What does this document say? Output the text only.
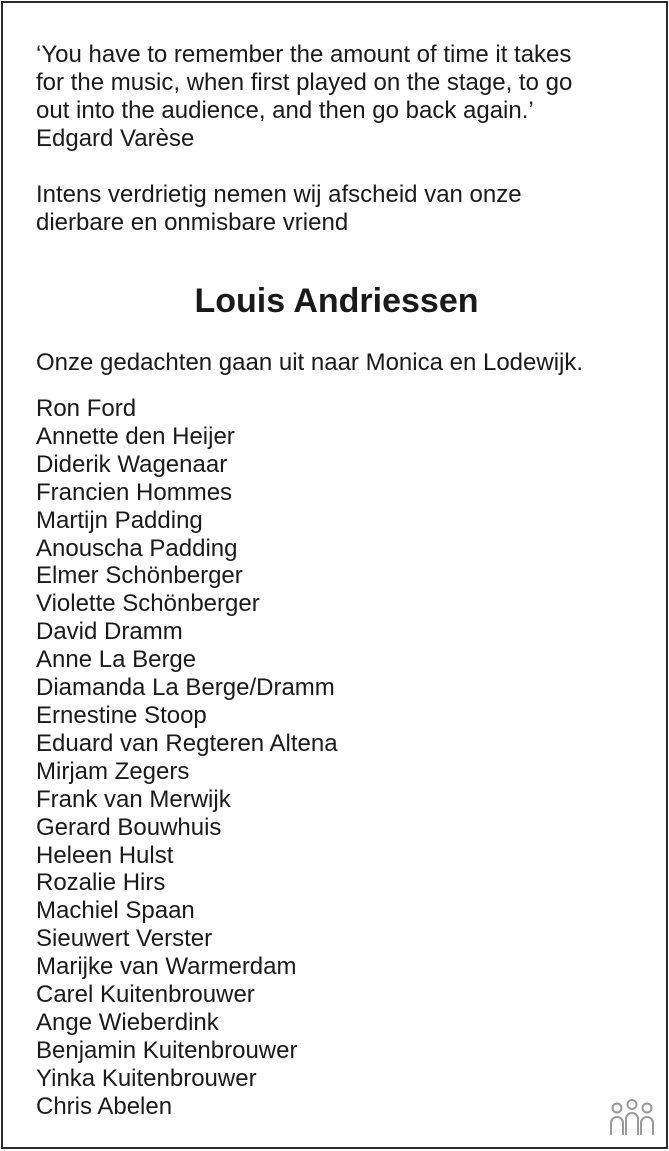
‘You have to remember the amount of time it takes
for the music, when first played on the stage, to go
out into the audience, and then go back again.’
Edgard Varèse

Intens verdrietig nemen wij afscheid van onze
dierbare en onmisbare vriend

Louis Andriessen

Onze gedachten gaan uit naar Monica en Lodewijk.

Ron Ford
Annette den Heijer
Diderik Wagenaar
Francien Hommes
Martijn Padding
Anouscha Padding
Elmer Schönberger
Violette Schönberger
David Dramm
Anne La Berge
Diamanda La Berge/Dramm
Ernestine Stoop
Eduard van Regteren Altena
Mirjam Zegers
Frank van Merwijk
Gerard Bouwhuis
Heleen Hulst
Rozalie Hirs
Machiel Spaan
Sieuwert Verster
Marijke van Warmerdam
Carel Kuitenbrouwer
Ange Wieberdink
Benjamin Kuitenbrouwer
Yinka Kuitenbrouwer
Chris Abelen
